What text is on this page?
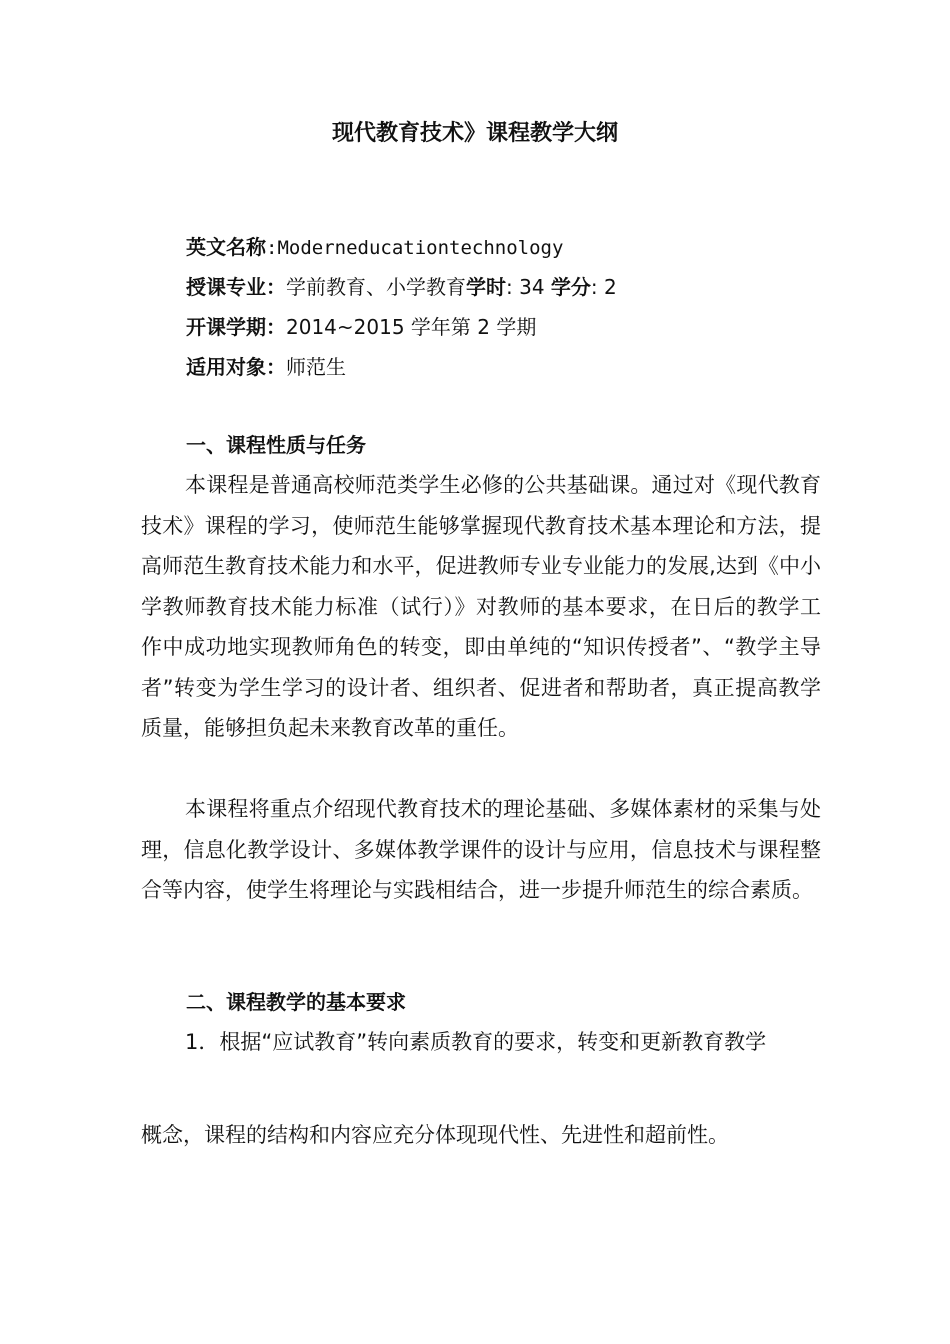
现代教育技术》课程教学大纲
英文名称:Moderneducationtechnology
授课专业：学前教育、小学教育学时: 34 学分: 2
开课学期：2014~2015 学年第 2 学期
适用对象：师范生
一、课程性质与任务

本课程是普通高校师范类学生必修的公共基础课。通过对《现代教育技术》课程的学习，使师范生能够掌握现代教育技术基本理论和方法，提高师范生教育技术能力和水平，促进教师专业专业能力的发展,达到《中小学教师教育技术能力标准（试行）》对教师的基本要求，在日后的教学工作中成功地实现教师角色的转变，即由单纯的“知识传授者”、“教学主导者”转变为学生学习的设计者、组织者、促进者和帮助者，真正提高教学质量，能够担负起未来教育改革的重任。

本课程将重点介绍现代教育技术的理论基础、多媒体素材的采集与处理，信息化教学设计、多媒体教学课件的设计与应用，信息技术与课程整合等内容，使学生将理论与实践相结合，进一步提升师范生的综合素质。

二、课程教学的基本要求

1．根据“应试教育”转向素质教育的要求，转变和更新教育教学

概念，课程的结构和内容应充分体现现代性、先进性和超前性。
